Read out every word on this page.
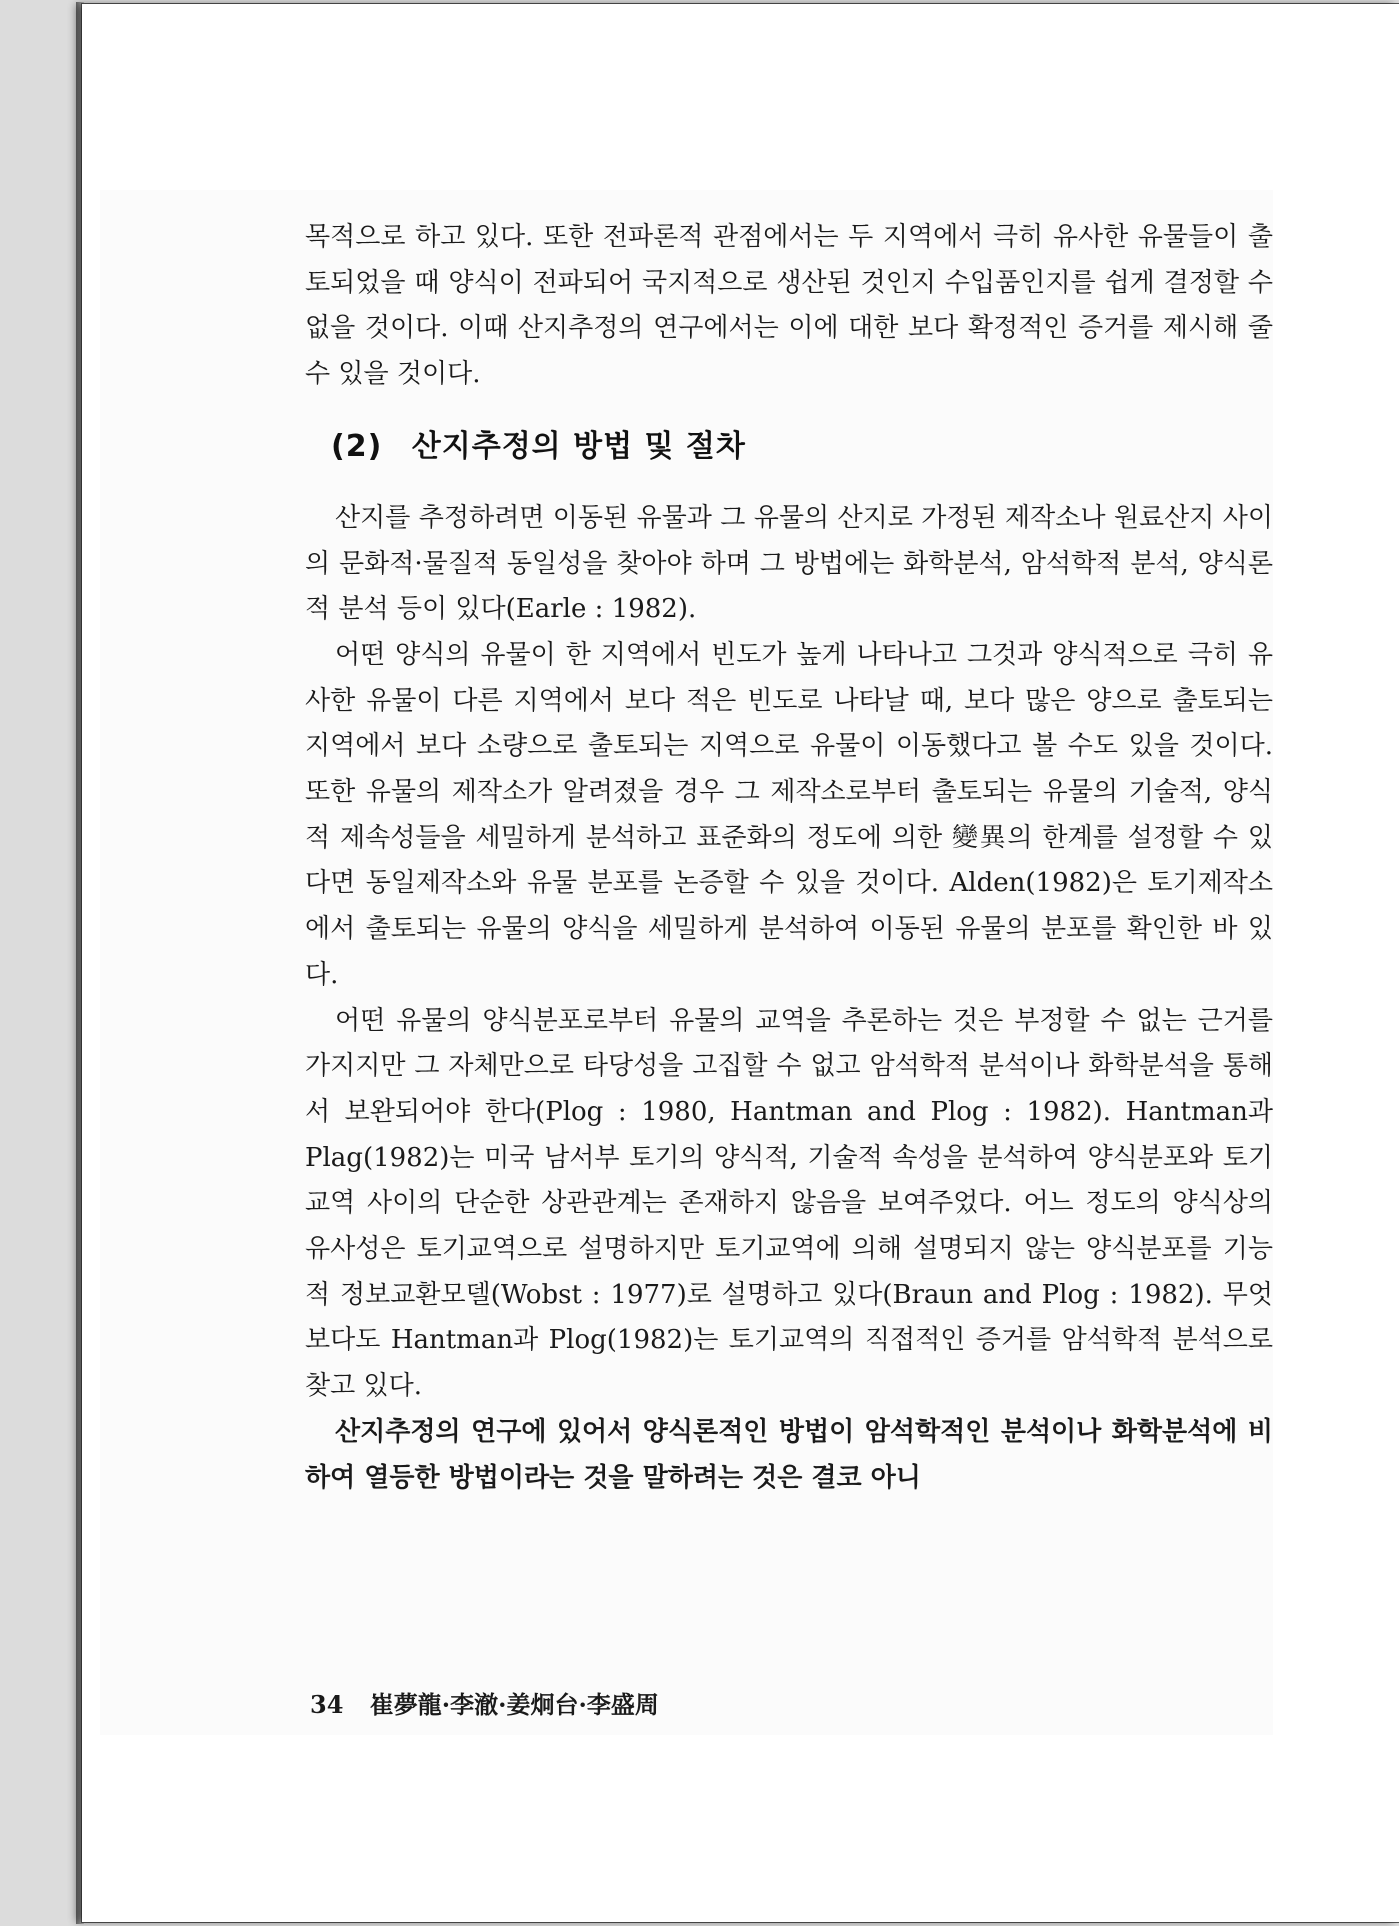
목적으로 하고 있다. 또한 전파론적 관점에서는 두 지역에서 극히 유사한 유물들이 출토되었을 때 양식이 전파되어 국지적으로 생산된 것인지 수입품인지를 쉽게 결정할 수 없을 것이다. 이때 산지추정의 연구에서는 이에 대한 보다 확정적인 증거를 제시해 줄 수 있을 것이다.

(2) 산지추정의 방법 및 절차

산지를 추정하려면 이동된 유물과 그 유물의 산지로 가정된 제작소나 원료산지 사이의 문화적·물질적 동일성을 찾아야 하며 그 방법에는 화학분석, 암석학적 분석, 양식론적 분석 등이 있다(Earle : 1982).

어떤 양식의 유물이 한 지역에서 빈도가 높게 나타나고 그것과 양식적으로 극히 유사한 유물이 다른 지역에서 보다 적은 빈도로 나타날 때, 보다 많은 양으로 출토되는 지역에서 보다 소량으로 출토되는 지역으로 유물이 이동했다고 볼 수도 있을 것이다. 또한 유물의 제작소가 알려졌을 경우 그 제작소로부터 출토되는 유물의 기술적, 양식적 제속성들을 세밀하게 분석하고 표준화의 정도에 의한 變異의 한계를 설정할 수 있다면 동일제작소와 유물 분포를 논증할 수 있을 것이다. Alden(1982)은 토기제작소에서 출토되는 유물의 양식을 세밀하게 분석하여 이동된 유물의 분포를 확인한 바 있다.

어떤 유물의 양식분포로부터 유물의 교역을 추론하는 것은 부정할 수 없는 근거를 가지지만 그 자체만으로 타당성을 고집할 수 없고 암석학적 분석이나 화학분석을 통해서 보완되어야 한다(Plog : 1980, Hantman and Plog : 1982). Hantman과 Plag(1982)는 미국 남서부 토기의 양식적, 기술적 속성을 분석하여 양식분포와 토기교역 사이의 단순한 상관관계는 존재하지 않음을 보여주었다. 어느 정도의 양식상의 유사성은 토기교역으로 설명하지만 토기교역에 의해 설명되지 않는 양식분포를 기능적 정보교환모델(Wobst : 1977)로 설명하고 있다(Braun and Plog : 1982). 무엇보다도 Hantman과 Plog(1982)는 토기교역의 직접적인 증거를 암석학적 분석으로 찾고 있다.

산지추정의 연구에 있어서 양식론적인 방법이 암석학적인 분석이나 화학분석에 비하여 열등한 방법이라는 것을 말하려는 것은 결코 아니

34 崔夢龍·李澈·姜炯台·李盛周
